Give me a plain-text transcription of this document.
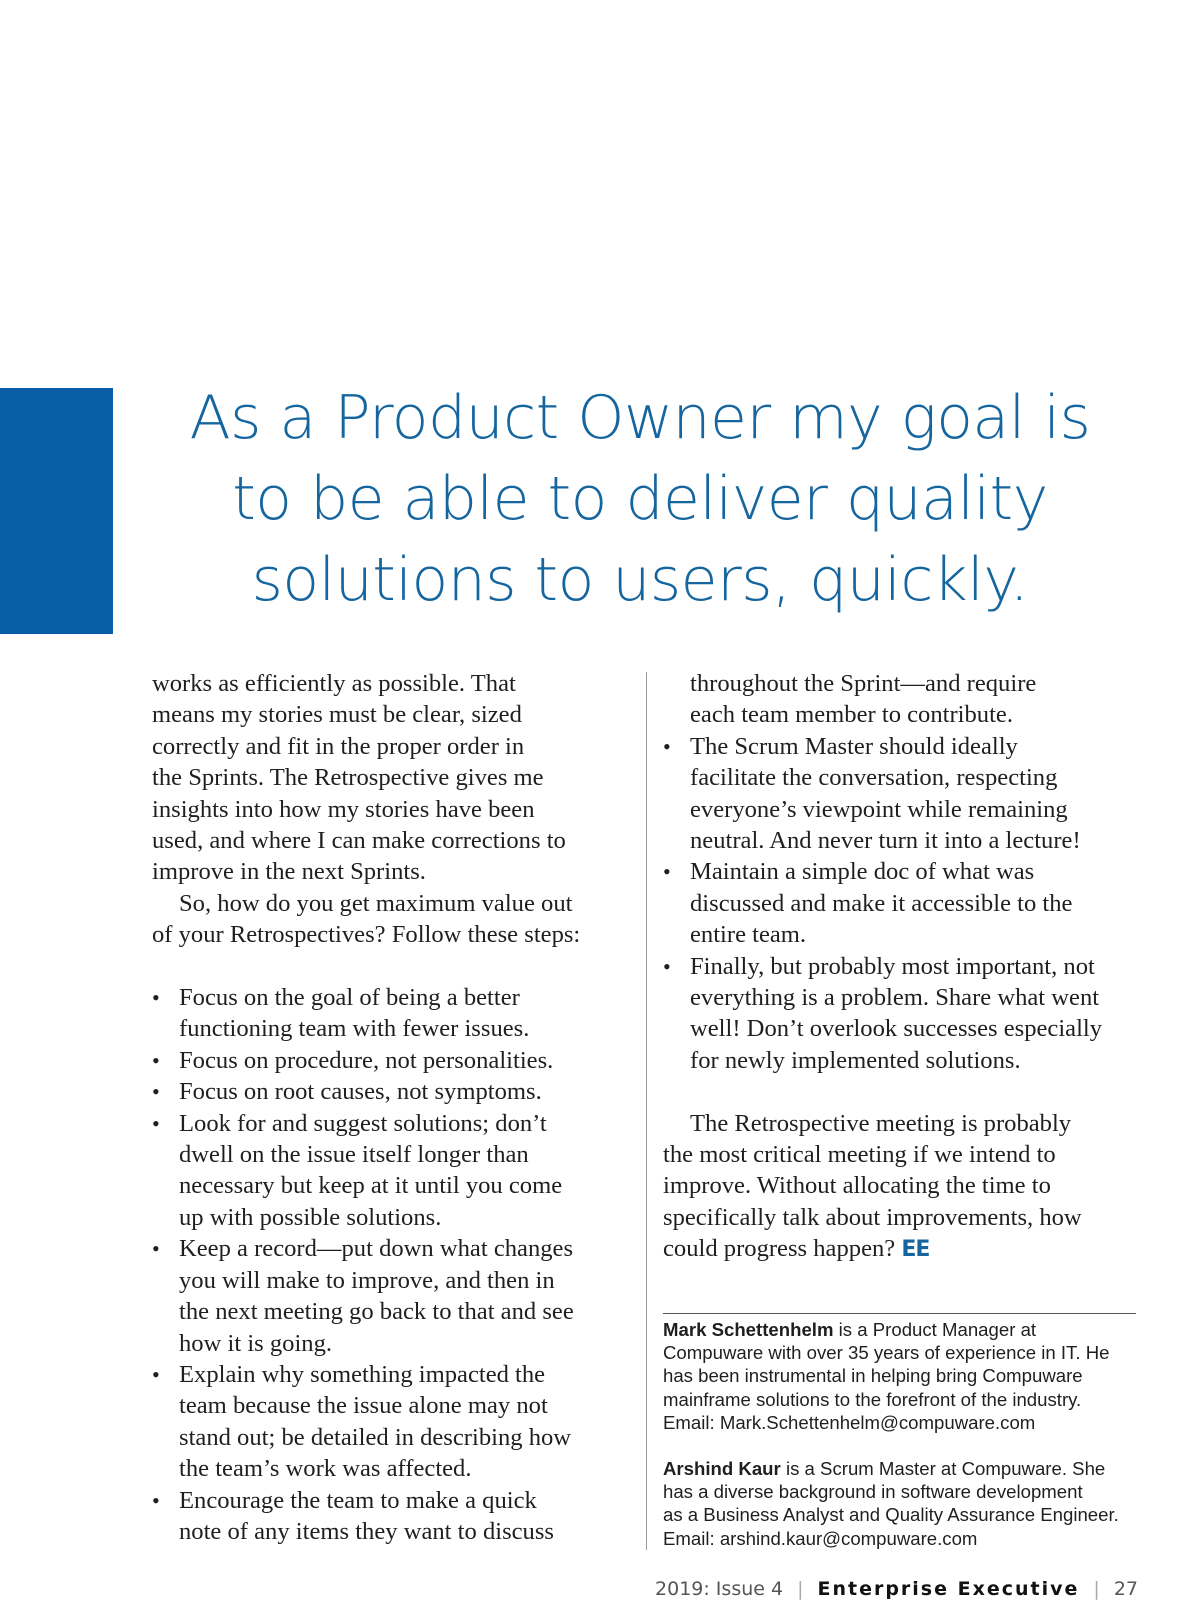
As a Product Owner my goal is
to be able to deliver quality
solutions to users, quickly.

works as efficiently as possible. That

means my stories must be clear, sized

correctly and fit in the proper order in

the Sprints. The Retrospective gives me

insights into how my stories have been

used, and where I can make corrections to

improve in the next Sprints.

So, how do you get maximum value out

of your Retrospectives? Follow these steps:

• Focus on the goal of being a better
functioning team with fewer issues.
• Focus on procedure, not personalities.
• Focus on root causes, not symptoms.
• Look for and suggest solutions; don’t
dwell on the issue itself longer than
necessary but keep at it until you come
up with possible solutions.
• Keep a record—put down what changes
you will make to improve, and then in
the next meeting go back to that and see
how it is going.
• Explain why something impacted the
team because the issue alone may not
stand out; be detailed in describing how
the team’s work was affected.
• Encourage the team to make a quick
note of any items they want to discuss
throughout the Sprint—and require
each team member to contribute.
• The Scrum Master should ideally
facilitate the conversation, respecting
everyone’s viewpoint while remaining
neutral. And never turn it into a lecture!
• Maintain a simple doc of what was
discussed and make it accessible to the
entire team.
• Finally, but probably most important, not
everything is a problem. Share what went
well! Don’t overlook successes especially
for newly implemented solutions.

The Retrospective meeting is probably

the most critical meeting if we intend to

improve. Without allocating the time to

specifically talk about improvements, how

could progress happen? EE

Mark Schettenhelm is a Product Manager at
Compuware with over 35 years of experience in IT. He
has been instrumental in helping bring Compuware
mainframe solutions to the forefront of the industry.
Email: Mark.Schettenhelm@compuware.com

Arshind Kaur is a Scrum Master at Compuware. She
has a diverse background in software development
as a Business Analyst and Quality Assurance Engineer.
Email: arshind.kaur@compuware.com

2019: Issue 4 | Enterprise Executive | 27
